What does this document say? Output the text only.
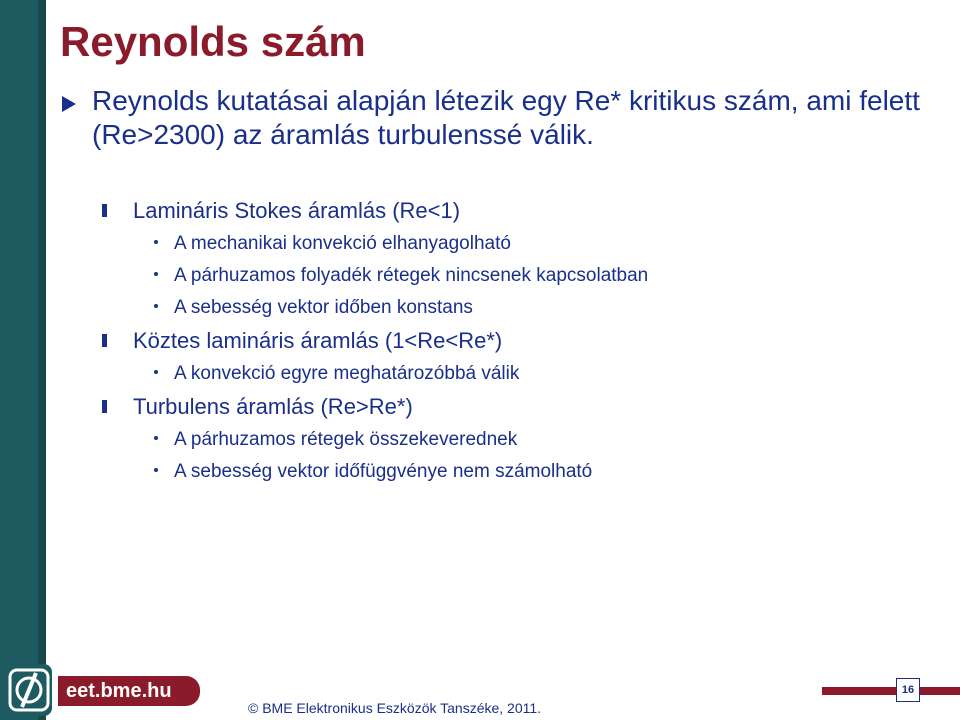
Reynolds szám
Reynolds kutatásai alapján létezik egy Re* kritikus szám, ami felett (Re>2300) az áramlás turbulenssé válik.
Lamináris Stokes áramlás (Re<1)
A mechanikai konvekció elhanyagolható
A párhuzamos folyadék rétegek nincsenek kapcsolatban
A sebesség vektor időben konstans
Köztes lamináris áramlás (1<Re<Re*)
A konvekció egyre meghatározóbbá válik
Turbulens áramlás (Re>Re*)
A párhuzamos rétegek összekeverednek
A sebesség vektor időfüggvénye nem számolható
eet.bme.hu
© BME Elektronikus Eszközök Tanszéke, 2011.
16
